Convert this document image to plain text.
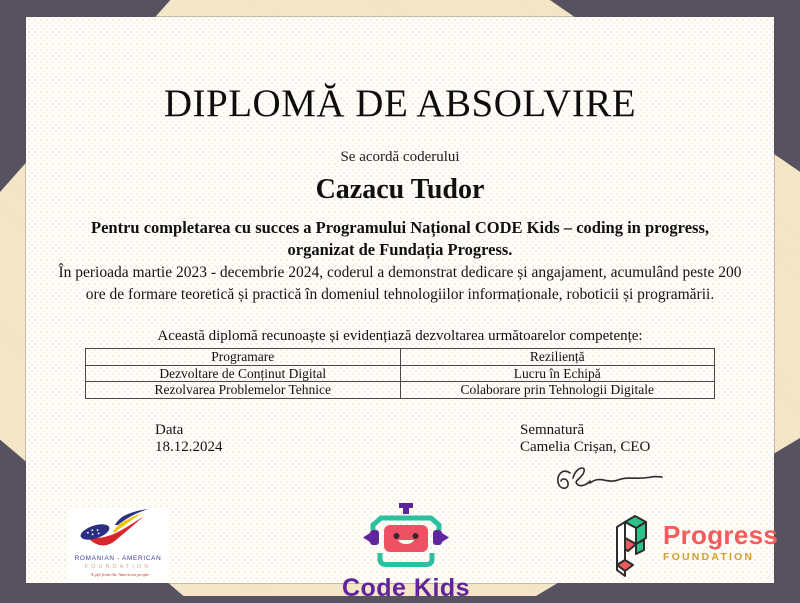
DIPLOMĂ DE ABSOLVIRE
Se acordă coderului
Cazacu Tudor
Pentru completarea cu succes a Programului Național CODE Kids – coding in progress, organizat de Fundația Progress.
În perioada martie 2023 - decembrie 2024, coderul a demonstrat dedicare și angajament, acumulând peste 200 ore de formare teoretică și practică în domeniul tehnologiilor informaționale, roboticii și programării.
Această diplomă recunoaște și evidențiază dezvoltarea următoarelor competențe:
Programare	Reziliență
Dezvoltare de Conținut Digital	Lucru în Echipă
Rezolvarea Problemelor Tehnice	Colaborare prin Tehnologii Digitale
Data
18.12.2024
Semnatură
Camelia Crișan, CEO
ROMANIAN - AMERICAN
FOUNDATION
A gift from the American people	Code Kids
Progress
FOUNDATION
